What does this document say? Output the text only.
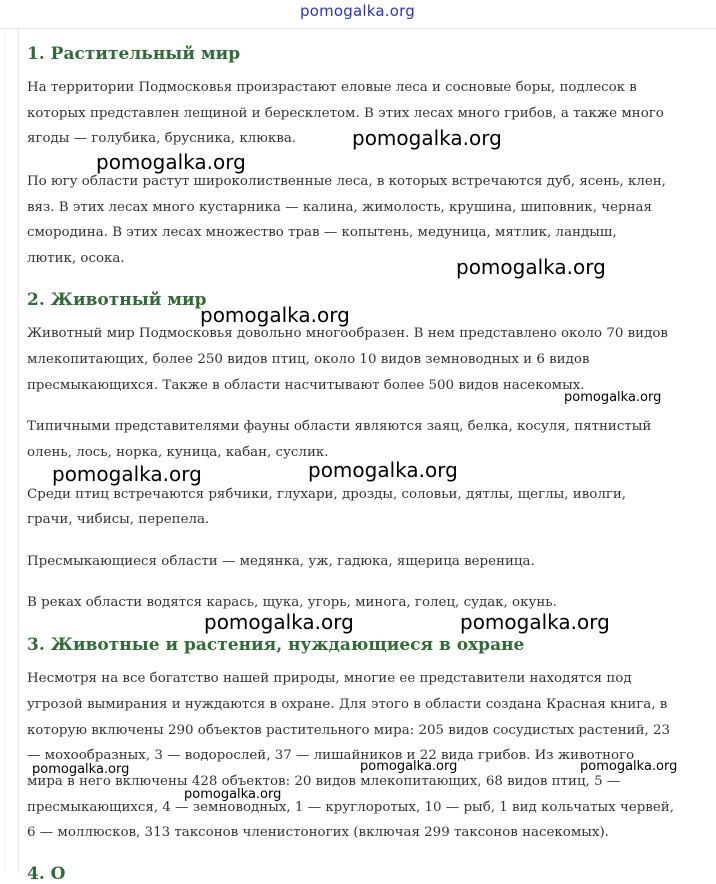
pomogalka.org
1. Растительный мир

На территории Подмосковья произрастают еловые леса и сосновые боры, подлесок в

которых представлен лещиной и бересклетом. В этих лесах много грибов, а также много

ягоды — голубика, брусника, клюква.

По югу области растут широколиственные леса, в которых встречаются дуб, ясень, клен,

вяз. В этих лесах много кустарника — калина, жимолость, крушина, шиповник, черная

смородина. В этих лесах множество трав — копытень, медуница, мятлик, ландыш,

лютик, осока.

2. Животный мир

Животный мир Подмосковья довольно многообразен. В нем представлено около 70 видов

млекопитающих, более 250 видов птиц, около 10 видов земноводных и 6 видов

пресмыкающихся. Также в области насчитывают более 500 видов насекомых.

Типичными представителями фауны области являются заяц, белка, косуля, пятнистый

олень, лось, норка, куница, кабан, суслик.

Среди птиц встречаются рябчики, глухари, дрозды, соловьи, дятлы, щеглы, иволги,

грачи, чибисы, перепела.

Пресмыкающиеся области — медянка, уж, гадюка, ящерица вереница.

В реках области водятся карась, щука, угорь, минога, голец, судак, окунь.

3. Животные и растения, нуждающиеся в охране

Несмотря на все богатство нашей природы, многие ее представители находятся под

угрозой вымирания и нуждаются в охране. Для этого в области создана Красная книга, в

которую включены 290 объектов растительного мира: 205 видов сосудистых растений, 23

— мохообразных, 3 — водорослей, 37 — лишайников и 22 вида грибов. Из животного

мира в него включены 428 объектов: 20 видов млекопитающих, 68 видов птиц, 5 —

пресмыкающихся, 4 — земноводных, 1 — круглоротых, 10 — рыб, 1 вид кольчатых червей,

6 — моллюсков, 313 таксонов членистоногих (включая 299 таксонов насекомых).

4. О
pomogalka.org
pomogalka.org
pomogalka.org
pomogalka.org
pomogalka.org
pomogalka.org	pomogalka.org
pomogalka.org	pomogalka.org
pomogalka.org	pomogalka.org	pomogalka.org
pomogalka.org
